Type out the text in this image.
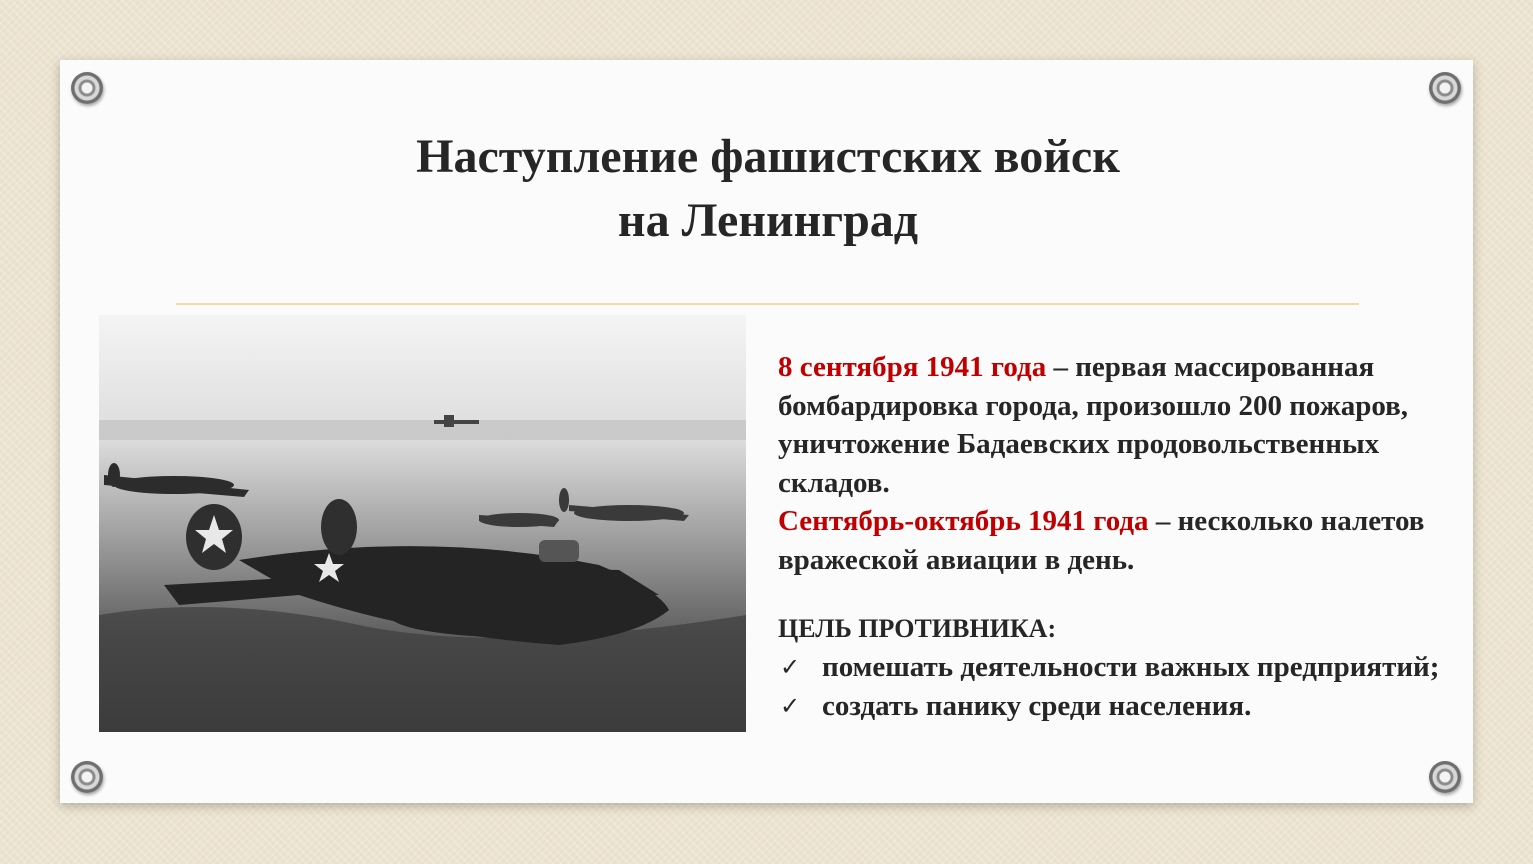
Наступление фашистских войск
на Ленинград

8 сентября 1941 года – первая массированная бомбардировка города, произошло 200 пожаров, уничтожение Бадаевских продовольственных складов.

Сентябрь-октябрь 1941 года – несколько налетов вражеской авиации в день.

ЦЕЛЬ ПРОТИВНИКА:
✓ помешать деятельности важных предприятий;
✓ создать панику среди населения.
